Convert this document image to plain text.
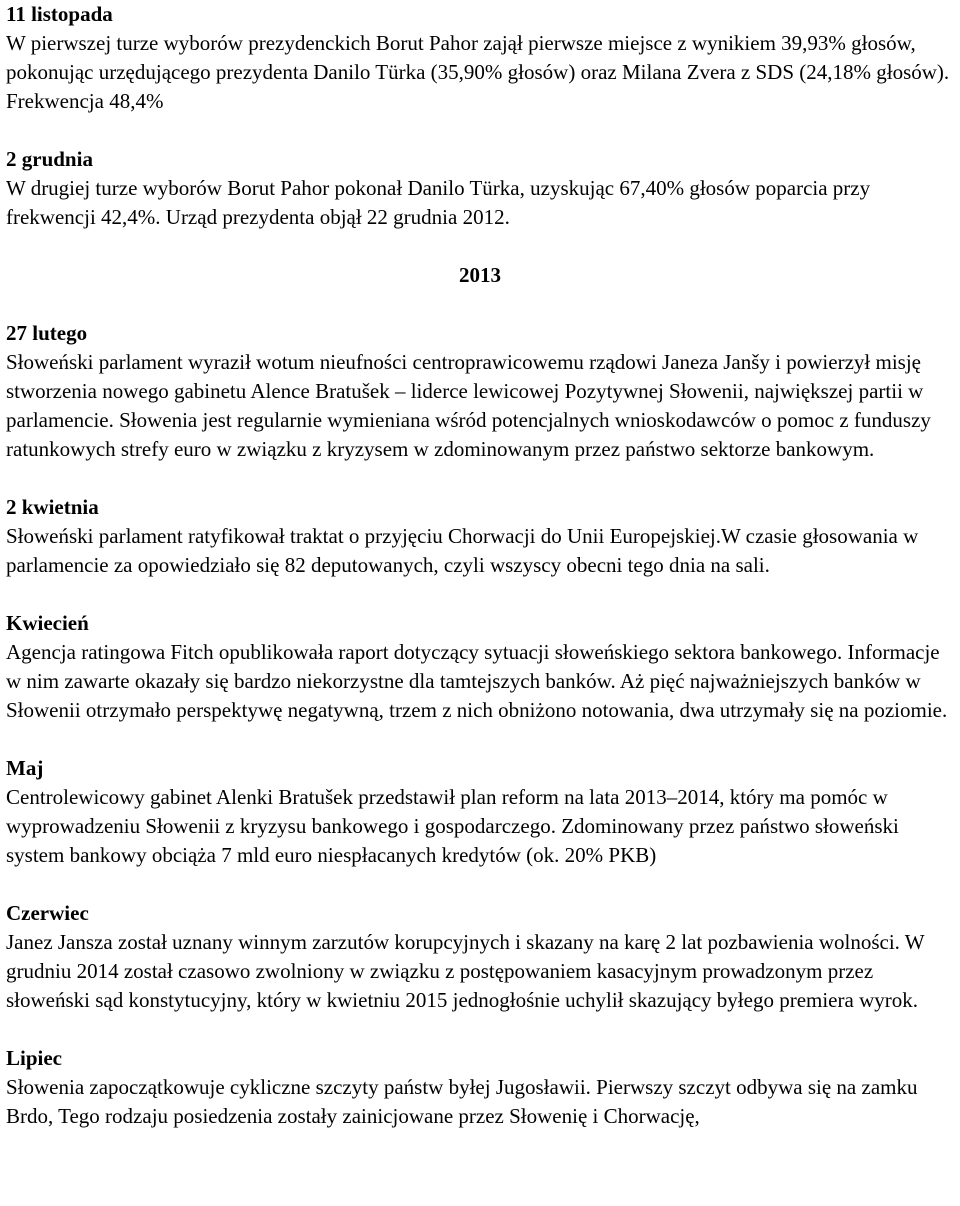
11 listopada

W pierwszej turze wyborów prezydenckich Borut Pahor zajął pierwsze miejsce z wynikiem 39,93% głosów, pokonując urzędującego prezydenta Danilo Türka (35,90% głosów) oraz Milana Zvera z SDS (24,18% głosów). Frekwencja 48,4%

2 grudnia

W drugiej turze wyborów Borut Pahor pokonał Danilo Türka, uzyskując 67,40% głosów poparcia przy frekwencji 42,4%. Urząd prezydenta objął 22 grudnia 2012.

2013

27 lutego

Słoweński parlament wyraził wotum nieufności centroprawicowemu rządowi Janeza Janšy i powierzył misję stworzenia nowego gabinetu Alence Bratušek – liderce lewicowej Pozytywnej Słowenii, największej partii w parlamencie. Słowenia jest regularnie wymieniana wśród potencjalnych wnioskodawców o pomoc z funduszy ratunkowych strefy euro w związku z kryzysem w zdominowanym przez państwo sektorze bankowym.

2 kwietnia

Słoweński parlament ratyfikował traktat o przyjęciu Chorwacji do Unii Europejskiej.W czasie głosowania w parlamencie za opowiedziało się 82 deputowanych, czyli wszyscy obecni tego dnia na sali.

Kwiecień

Agencja ratingowa Fitch opublikowała raport dotyczący sytuacji słoweńskiego sektora bankowego. Informacje w nim zawarte okazały się bardzo niekorzystne dla tamtejszych banków. Aż pięć najważniejszych banków w Słowenii otrzymało perspektywę negatywną, trzem z nich obniżono notowania, dwa utrzymały się na poziomie.

Maj

Centrolewicowy gabinet Alenki Bratušek przedstawił plan reform na lata 2013–2014, który ma pomóc w wyprowadzeniu Słowenii z kryzysu bankowego i gospodarczego. Zdominowany przez państwo słoweński system bankowy obciąża 7 mld euro niespłacanych kredytów (ok. 20% PKB)

Czerwiec

Janez Jansza został uznany winnym zarzutów korupcyjnych i skazany na karę 2 lat pozbawienia wolności. W grudniu 2014 został czasowo zwolniony w związku z postępowaniem kasacyjnym prowadzonym przez słoweński sąd konstytucyjny, który w kwietniu 2015 jednogłośnie uchylił skazujący byłego premiera wyrok.

Lipiec

Słowenia zapoczątkowuje cykliczne szczyty państw byłej Jugosławii. Pierwszy szczyt odbywa się na zamku Brdo, Tego rodzaju posiedzenia zostały zainicjowane przez Słowenię i Chorwację,
